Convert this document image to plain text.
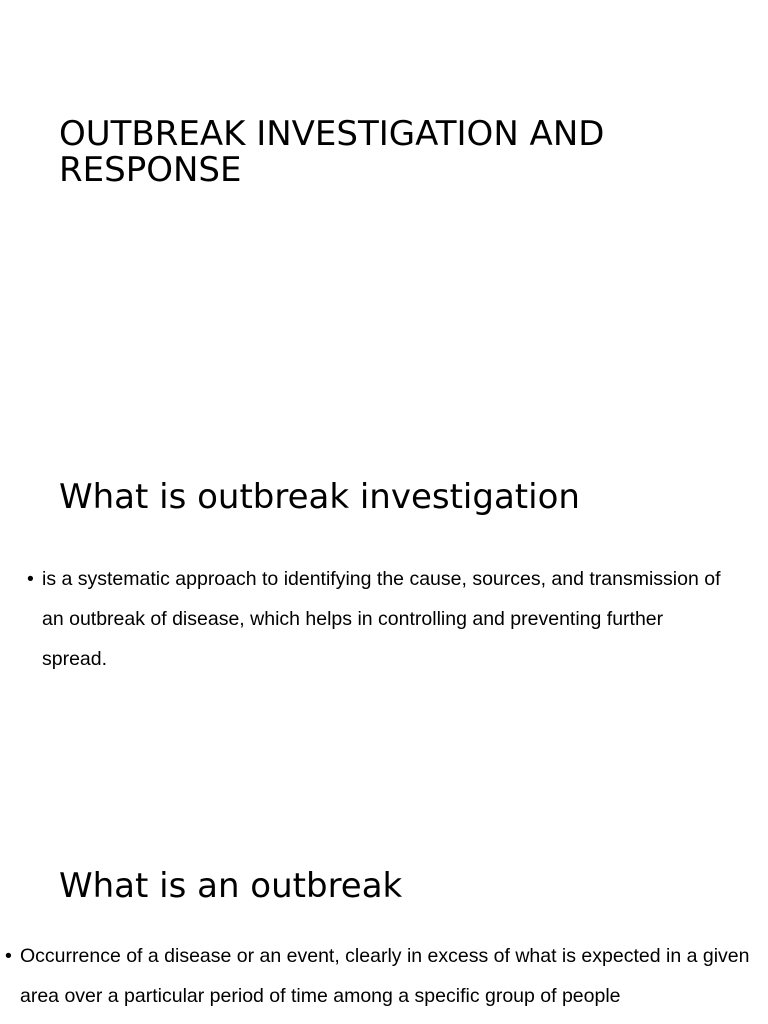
OUTBREAK INVESTIGATION AND RESPONSE
What is outbreak investigation
• is a systematic approach to identifying the cause, sources, and transmission of an outbreak of disease, which helps in controlling and preventing further spread.

What is an outbreak
• Occurrence of a disease or an event, clearly in excess of what is expected in a given area over a particular period of time among a specific group of people
